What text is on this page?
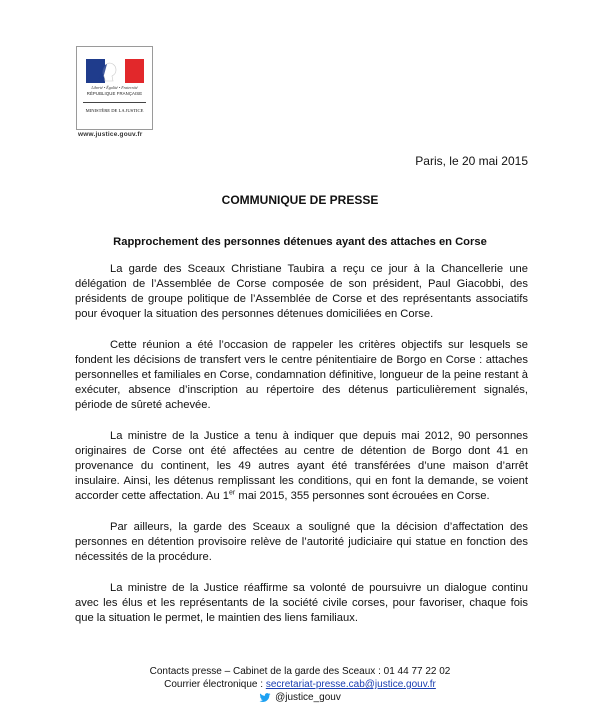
Liberté • Égalité • Fraternité
RÉPUBLIQUE FRANÇAISE
MINISTÈRE DE LA JUSTICE
www.justice.gouv.fr
Paris, le 20 mai 2015
COMMUNIQUE DE PRESSE
Rapprochement des personnes détenues ayant des attaches en Corse

La garde des Sceaux Christiane Taubira a reçu ce jour à la Chancellerie une délégation de l’Assemblée de Corse composée de son président, Paul Giacobbi, des présidents de groupe politique de l’Assemblée de Corse et des représentants associatifs pour évoquer la situation des personnes détenues domiciliées en Corse.

Cette réunion a été l’occasion de rappeler les critères objectifs sur lesquels se fondent les décisions de transfert vers le centre pénitentiaire de Borgo en Corse : attaches personnelles et familiales en Corse, condamnation définitive, longueur de la peine restant à exécuter, absence d’inscription au répertoire des détenus particulièrement signalés, période de sûreté achevée.

La ministre de la Justice a tenu à indiquer que depuis mai 2012, 90 personnes originaires de Corse ont été affectées au centre de détention de Borgo dont 41 en provenance du continent, les 49 autres ayant été transférées d’une maison d’arrêt insulaire. Ainsi, les détenus remplissant les conditions, qui en font la demande, se voient accorder cette affectation. Au 1er mai 2015, 355 personnes sont écrouées en Corse.

Par ailleurs, la garde des Sceaux a souligné que la décision d’affectation des personnes en détention provisoire relève de l’autorité judiciaire qui statue en fonction des nécessités de la procédure.

La ministre de la Justice réaffirme sa volonté de poursuivre un dialogue continu avec les élus et les représentants de la société civile corses, pour favoriser, chaque fois que la situation le permet, le maintien des liens familiaux.

Contacts presse – Cabinet de la garde des Sceaux : 01 44 77 22 02
Courrier électronique : secretariat-presse.cab@justice.gouv.fr
@justice_gouv
